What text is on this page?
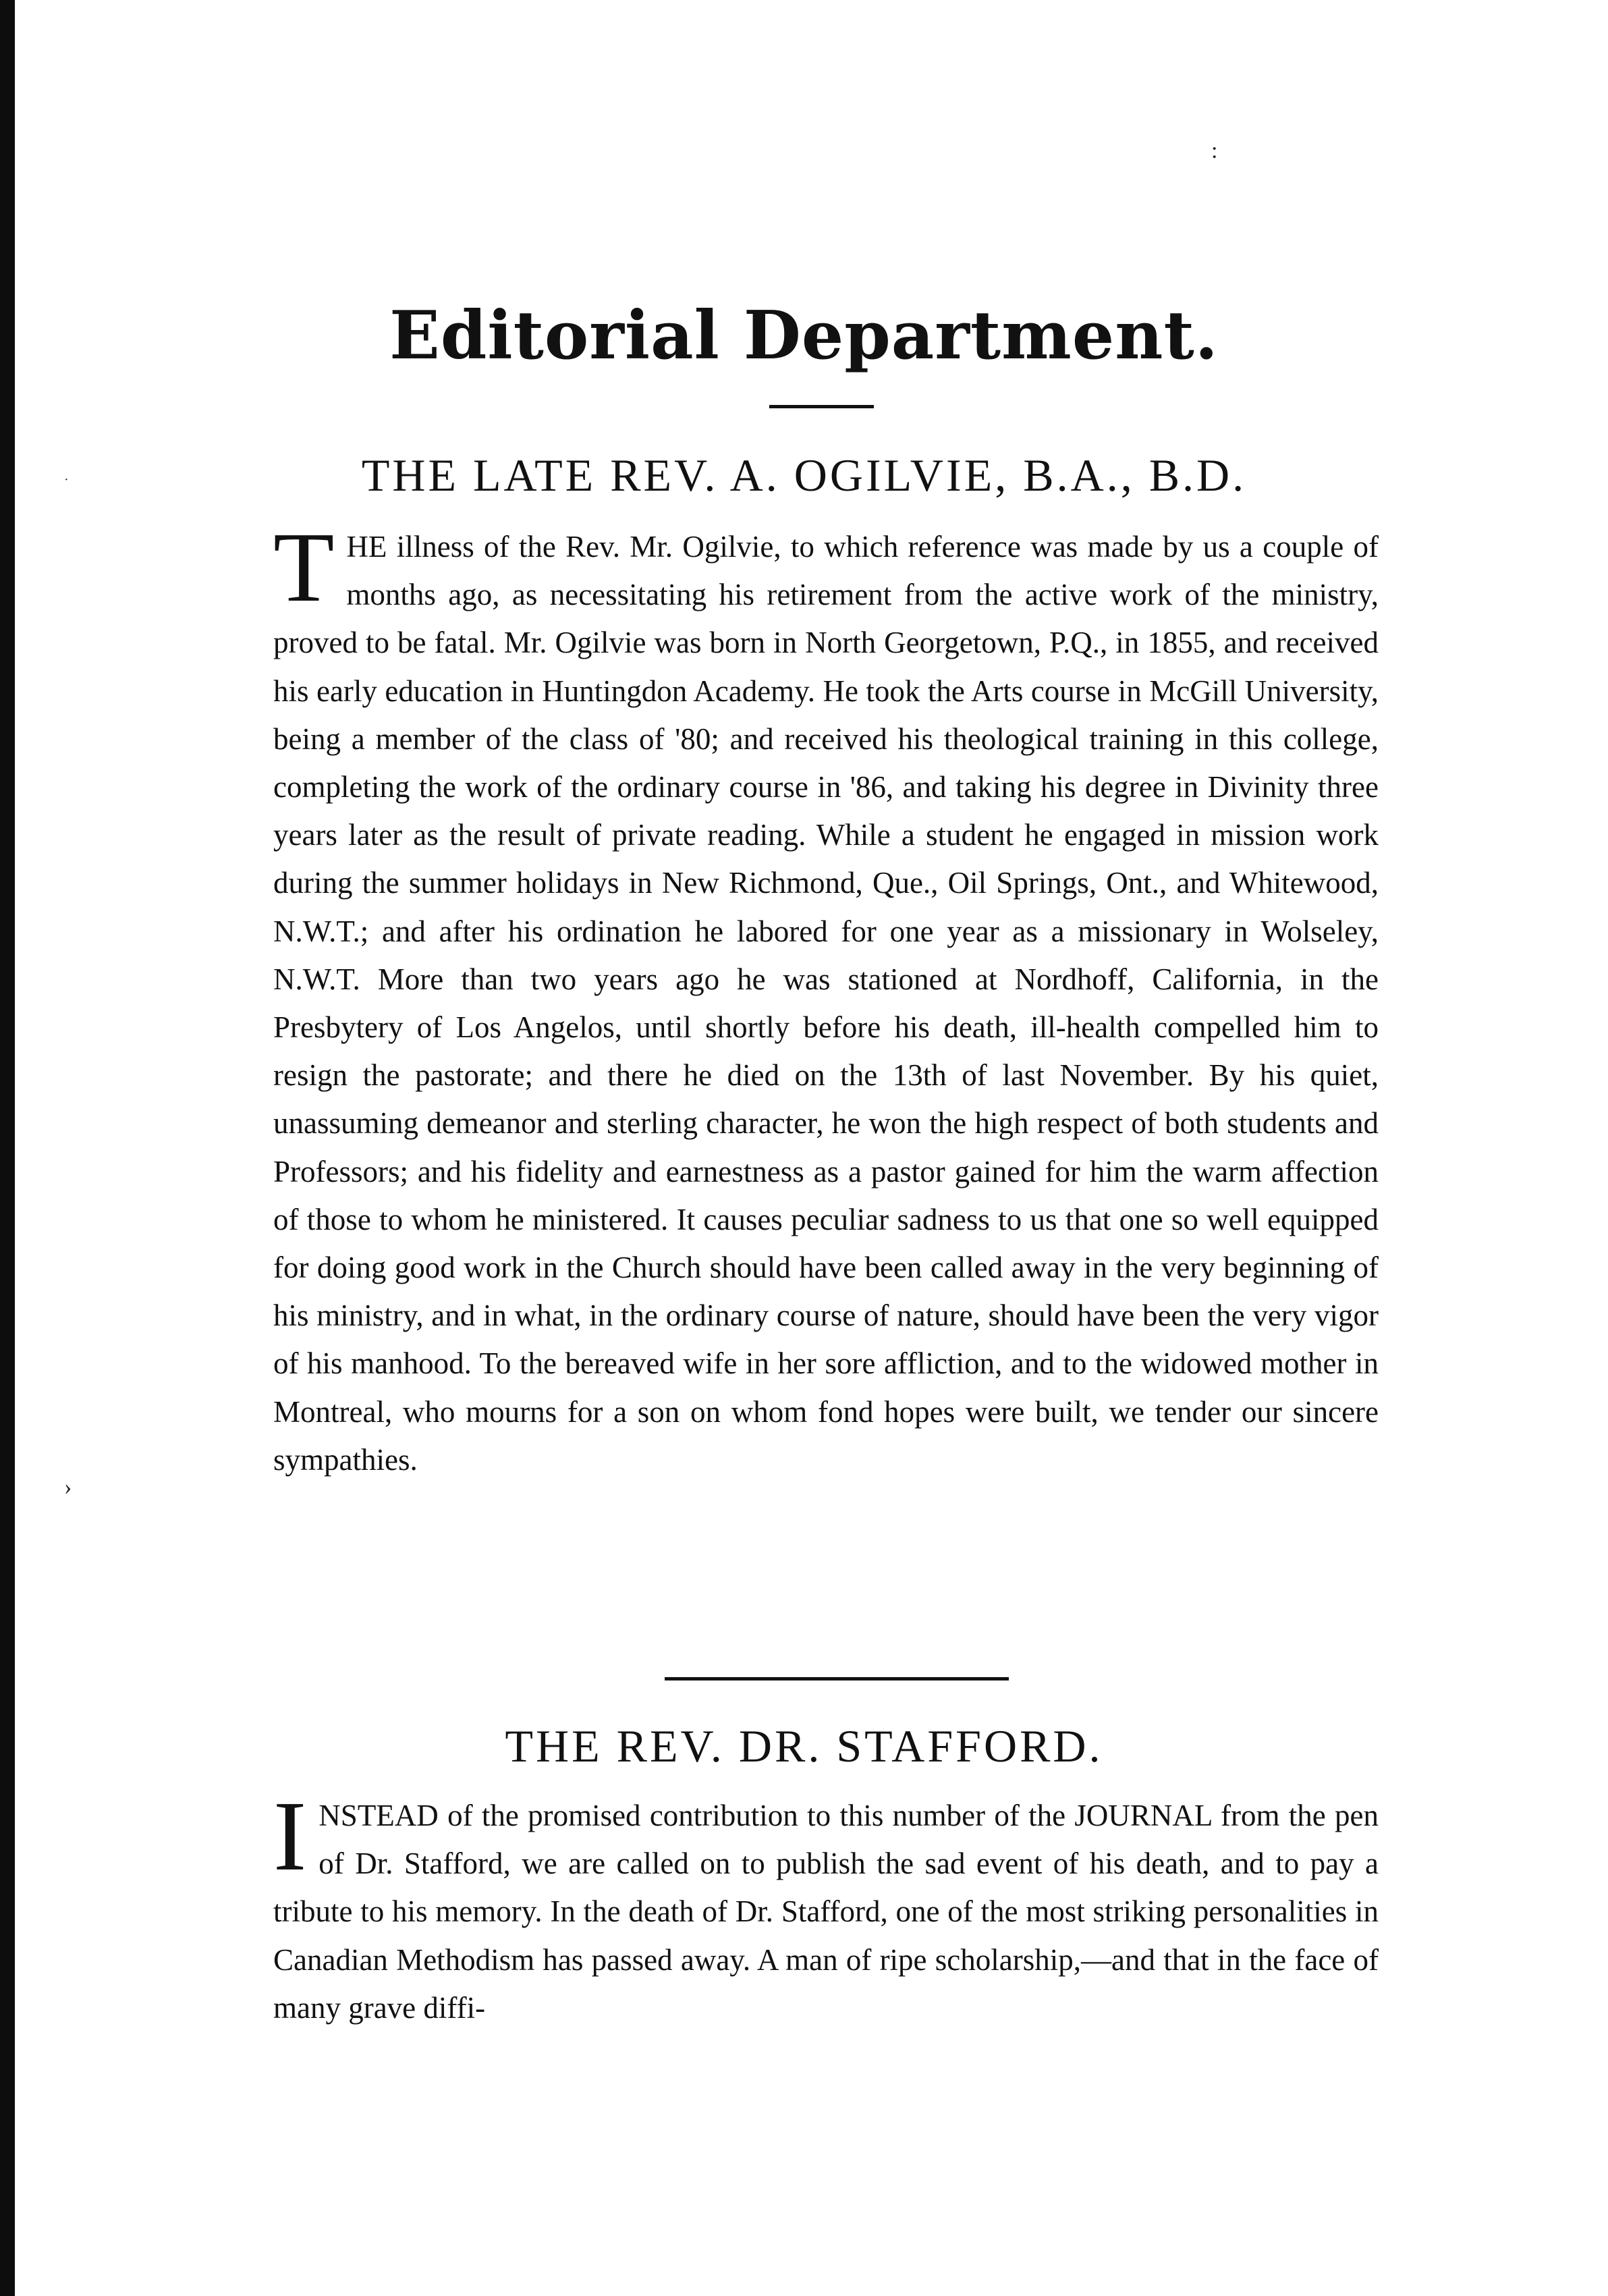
:
·
›
Editorial Department.
THE LATE REV. A. OGILVIE, B.A., B.D.
T HE illness of the Rev. Mr. Ogilvie, to which reference was made by us a couple of months ago, as necessitating his retirement from the active work of the ministry, proved to be fatal. Mr. Ogilvie was born in North Georgetown, P.Q., in 1855, and received his early education in Huntingdon Academy. He took the Arts course in McGill University, being a member of the class of '80; and received his theological training in this college, completing the work of the ordinary course in '86, and taking his degree in Divinity three years later as the result of private reading. While a student he engaged in mission work during the summer holidays in New Richmond, Que., Oil Springs, Ont., and Whitewood, N.W.T.; and after his ordination he labored for one year as a missionary in Wolseley, N.W.T. More than two years ago he was stationed at Nordhoff, California, in the Presbytery of Los Angelos, until shortly before his death, ill-health compelled him to resign the pastorate; and there he died on the 13th of last November. By his quiet, unassuming demeanor and sterling character, he won the high respect of both students and Professors; and his fidelity and earnestness as a pastor gained for him the warm affection of those to whom he ministered. It causes peculiar sadness to us that one so well equipped for doing good work in the Church should have been called away in the very beginning of his ministry, and in what, in the ordinary course of nature, should have been the very vigor of his manhood. To the bereaved wife in her sore affliction, and to the widowed mother in Montreal, who mourns for a son on whom fond hopes were built, we tender our sincere sympathies.
THE REV. DR. STAFFORD.
I NSTEAD of the promised contribution to this number of the JOURNAL from the pen of Dr. Stafford, we are called on to publish the sad event of his death, and to pay a tribute to his memory. In the death of Dr. Stafford, one of the most striking personalities in Canadian Methodism has passed away. A man of ripe scholarship,—and that in the face of many grave diffi-
